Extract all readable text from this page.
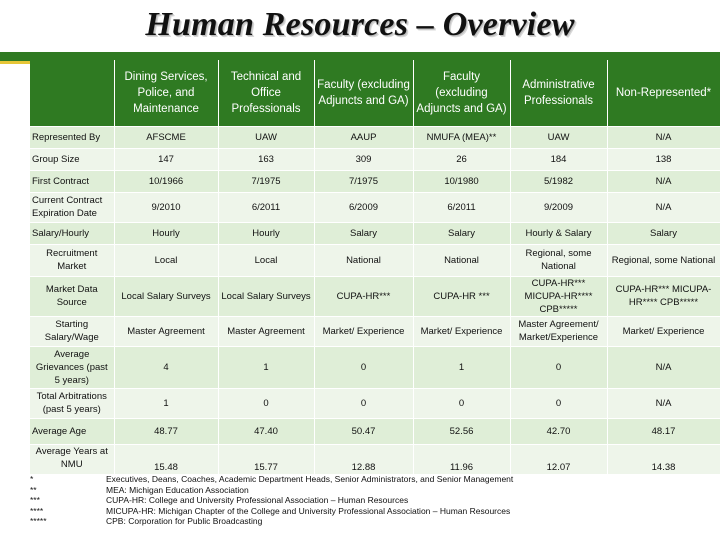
Human Resources – Overview
	Dining Services, Police, and Maintenance	Technical and Office Professionals	Faculty (excluding Adjuncts and GA)	Faculty (excluding Adjuncts and GA)	Administrative Professionals	Non-Represented*
Represented By	AFSCME	UAW	AAUP	NMUFA (MEA)**	UAW	N/A
Group Size	147	163	309	26	184	138
First Contract	10/1966	7/1975	7/1975	10/1980	5/1982	N/A
Current Contract Expiration Date	9/2010	6/2011	6/2009	6/2011	9/2009	N/A
Salary/Hourly	Hourly	Hourly	Salary	Salary	Hourly & Salary	Salary
Recruitment Market	Local	Local	National	National	Regional, some National	Regional, some National
Market Data Source	Local Salary Surveys	Local Salary Surveys	CUPA-HR***	CUPA-HR ***	CUPA-HR*** MICUPA-HR**** CPB*****	CUPA-HR*** MICUPA-HR**** CPB*****
Starting Salary/Wage	Master Agreement	Master Agreement	Market/ Experience	Market/ Experience	Master Agreement/ Market/Experience	Market/ Experience
Average Grievances (past 5 years)	4	1	0	1	0	N/A
Total Arbitrations (past 5 years)	1	0	0	0	0	N/A
Average Age	48.77	47.40	50.47	52.56	42.70	48.17
Average Years at NMU	15.48	15.77	12.88	11.96	12.07	14.38
*	Executives, Deans, Coaches, Academic Department Heads, Senior Administrators, and Senior Management
**	MEA: Michigan Education Association
***	CUPA-HR: College and University Professional Association – Human Resources
****	MICUPA-HR: Michigan Chapter of the College and University Professional Association – Human Resources
*****	CPB: Corporation for Public Broadcasting
